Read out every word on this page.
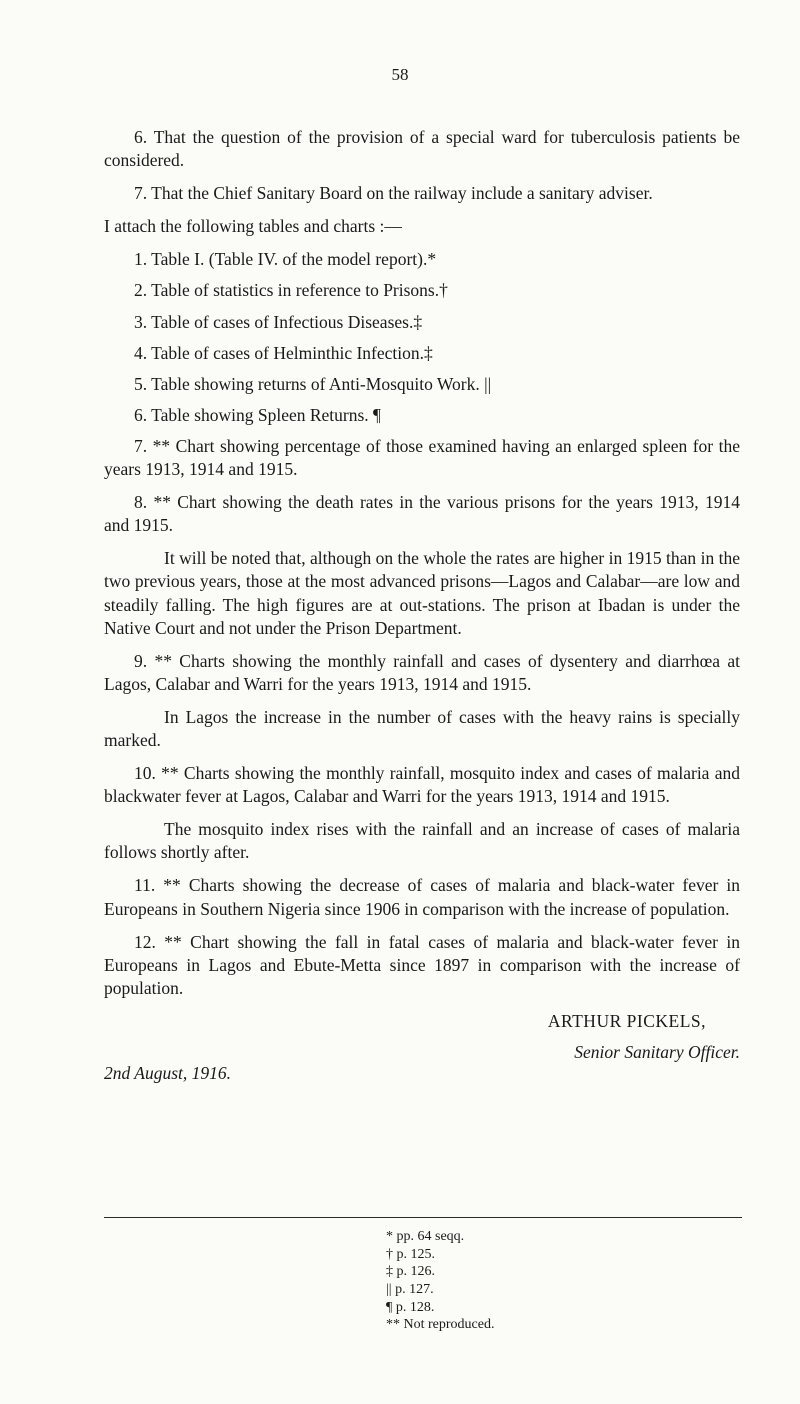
58

6. That the question of the provision of a special ward for tuberculosis patients be considered.

7. That the Chief Sanitary Board on the railway include a sanitary adviser.

I attach the following tables and charts :—

1. Table I. (Table IV. of the model report).*
2. Table of statistics in reference to Prisons.†
3. Table of cases of Infectious Diseases.‡
4. Table of cases of Helminthic Infection.‡
5. Table showing returns of Anti-Mosquito Work. ||
6. Table showing Spleen Returns. ¶

7. ** Chart showing percentage of those examined having an enlarged spleen for the years 1913, 1914 and 1915.

8. ** Chart showing the death rates in the various prisons for the years 1913, 1914 and 1915.

It will be noted that, although on the whole the rates are higher in 1915 than in the two previous years, those at the most advanced prisons—Lagos and Calabar—are low and steadily falling. The high figures are at out-stations. The prison at Ibadan is under the Native Court and not under the Prison Department.

9. ** Charts showing the monthly rainfall and cases of dysentery and diarrhœa at Lagos, Calabar and Warri for the years 1913, 1914 and 1915.

In Lagos the increase in the number of cases with the heavy rains is specially marked.

10. ** Charts showing the monthly rainfall, mosquito index and cases of malaria and blackwater fever at Lagos, Calabar and Warri for the years 1913, 1914 and 1915.

The mosquito index rises with the rainfall and an increase of cases of malaria follows shortly after.

11. ** Charts showing the decrease of cases of malaria and black-water fever in Europeans in Southern Nigeria since 1906 in comparison with the increase of population.

12. ** Chart showing the fall in fatal cases of malaria and black-water fever in Europeans in Lagos and Ebute-Metta since 1897 in comparison with the increase of population.

ARTHUR PICKELS,
Senior Sanitary Officer.
2nd August, 1916.
* pp. 64 seqq.
† p. 125.
‡ p. 126.
|| p. 127.
¶ p. 128.
** Not reproduced.
